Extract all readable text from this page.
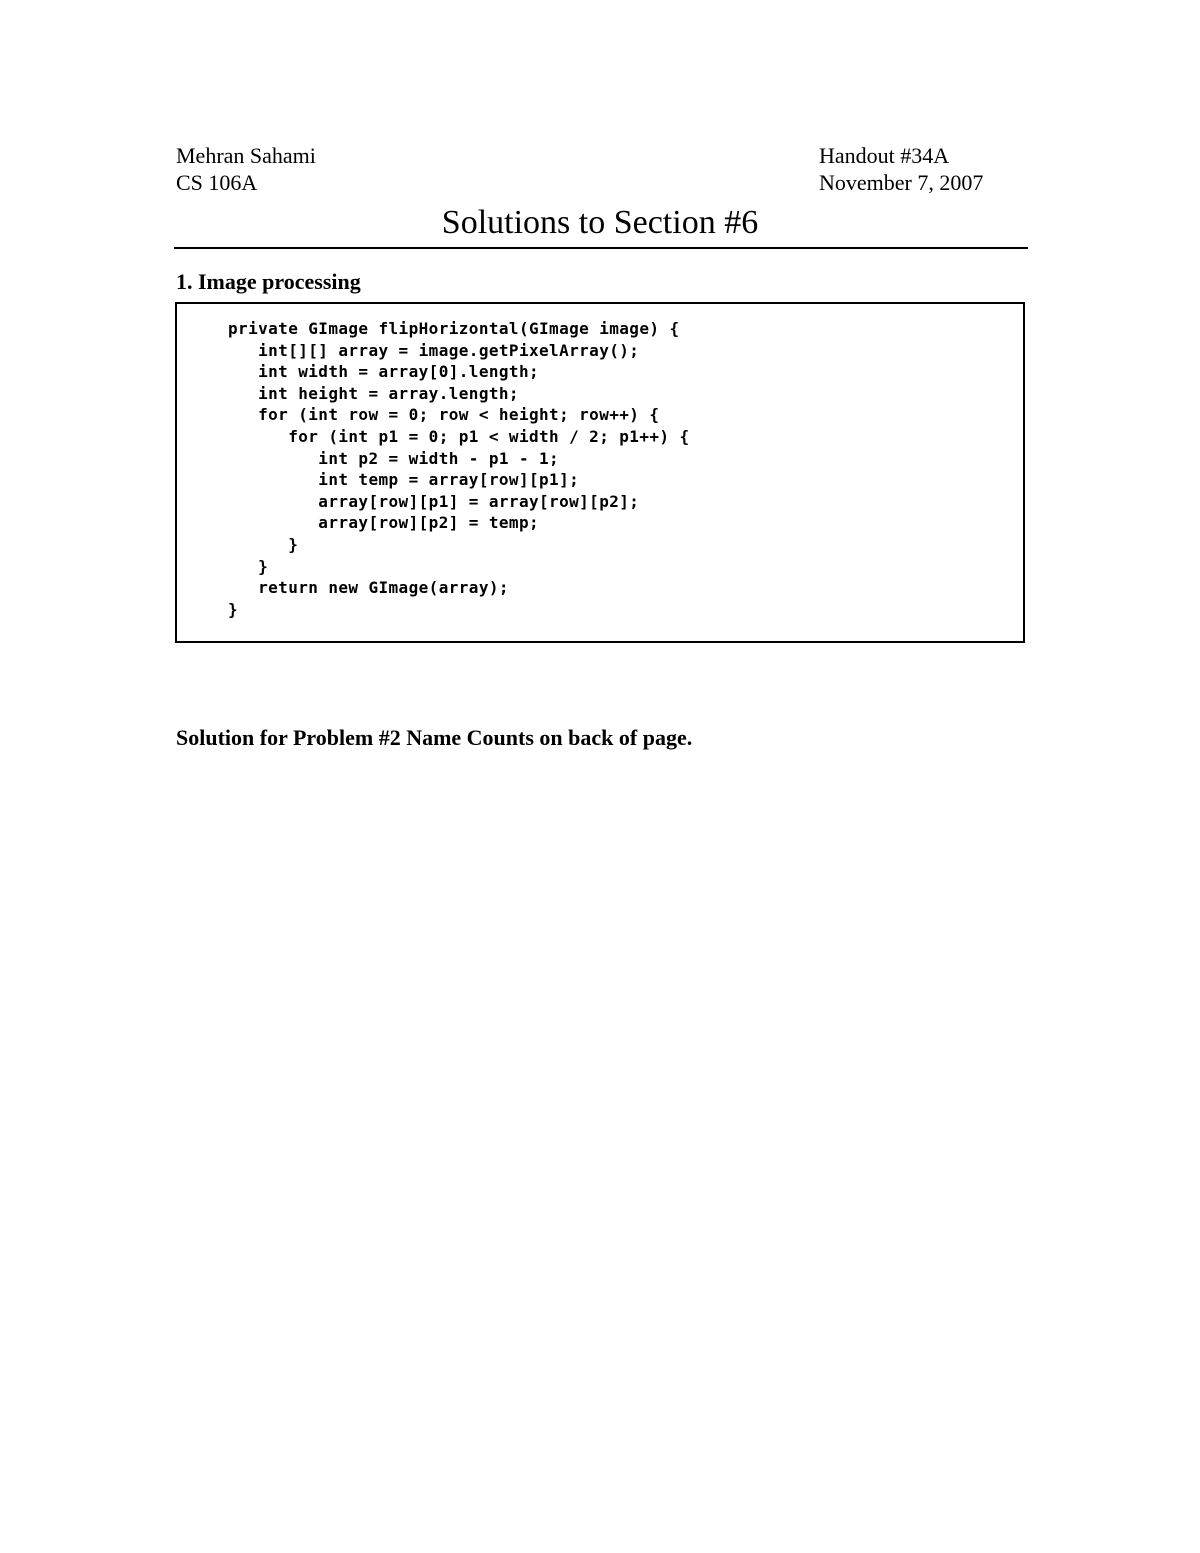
Mehran Sahami
CS 106A
Handout #34A
November 7, 2007
Solutions to Section #6
1. Image processing
private GImage flipHorizontal(GImage image) {
int[][] array = image.getPixelArray();
int width = array[0].length;
int height = array.length;
for (int row = 0; row < height; row++) {
for (int p1 = 0; p1 < width / 2; p1++) {
int p2 = width - p1 - 1;
int temp = array[row][p1];
array[row][p1] = array[row][p2];
array[row][p2] = temp;
}
}
return new GImage(array);
}
Solution for Problem #2 Name Counts on back of page.
